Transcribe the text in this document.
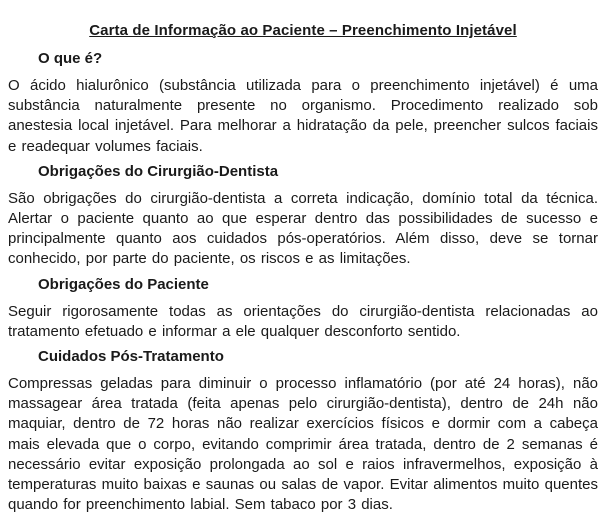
Carta de Informação ao Paciente – Preenchimento Injetável
O que é?

O ácido hialurônico (substância utilizada para o preenchimento injetável) é uma substância naturalmente presente no organismo. Procedimento realizado sob anestesia local injetável. Para melhorar a hidratação da pele, preencher sulcos faciais e readequar volumes faciais.

Obrigações do Cirurgião-Dentista

São obrigações do cirurgião-dentista a correta indicação, domínio total da técnica. Alertar o paciente quanto ao que esperar dentro das possibilidades de sucesso e principalmente quanto aos cuidados pós-operatórios. Além disso, deve se tornar conhecido, por parte do paciente, os riscos e as limitações.

Obrigações do Paciente

Seguir rigorosamente todas as orientações do cirurgião-dentista relacionadas ao tratamento efetuado e informar a ele qualquer desconforto sentido.

Cuidados Pós-Tratamento

Compressas geladas para diminuir o processo inflamatório (por até 24 horas), não massagear área tratada (feita apenas pelo cirurgião-dentista), dentro de 24h não maquiar, dentro de 72 horas não realizar exercícios físicos e dormir com a cabeça mais elevada que o corpo, evitando comprimir área tratada, dentro de 2 semanas é necessário evitar exposição prolongada ao sol e raios infravermelhos, exposição à temperaturas muito baixas e saunas ou salas de vapor. Evitar alimentos muito quentes quando for preenchimento labial. Sem tabaco por 3 dias.
